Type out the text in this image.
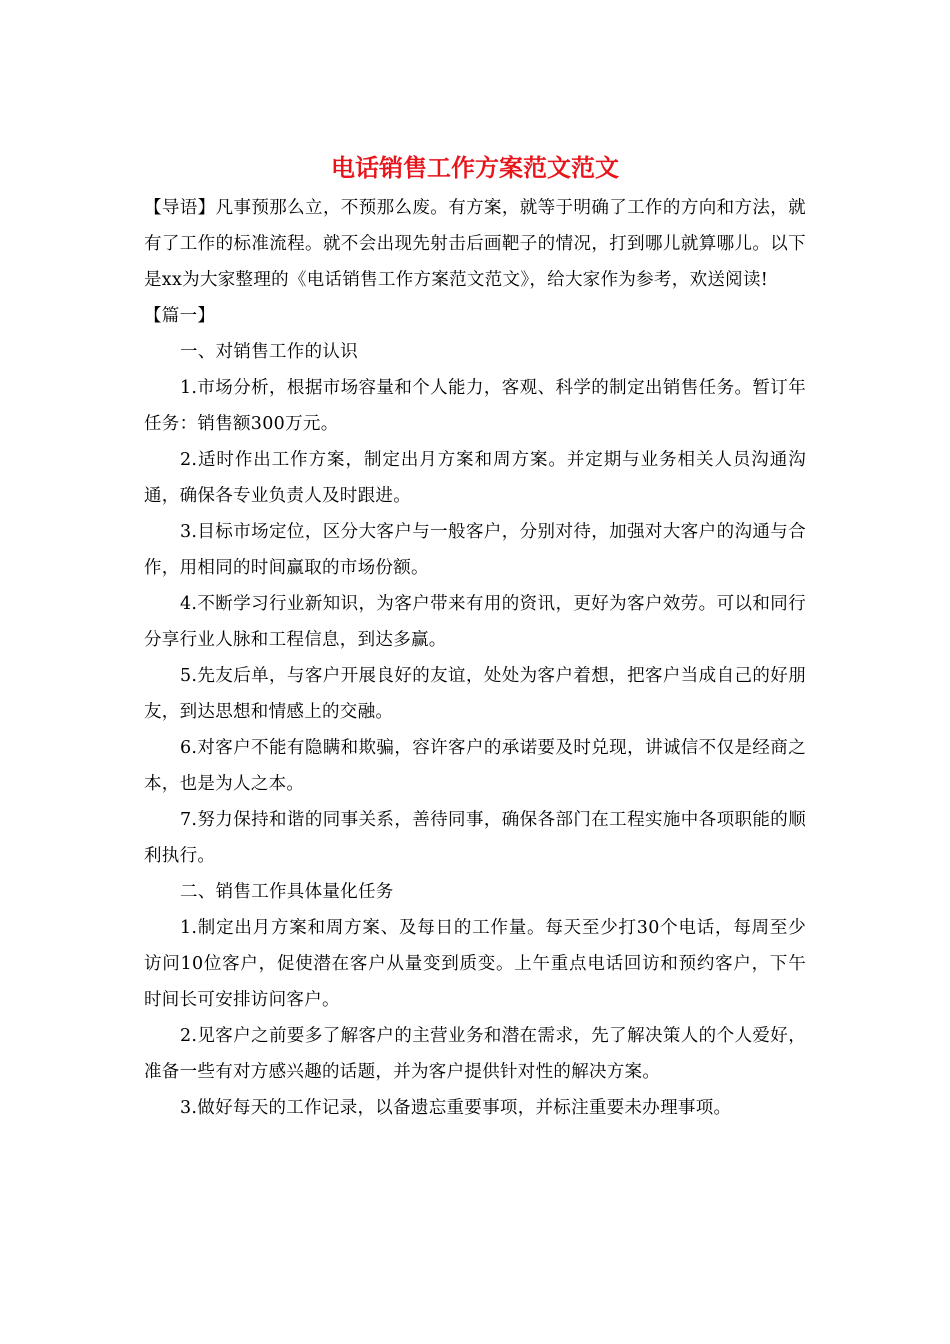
电话销售工作方案范文范文

【导语】凡事预那么立，不预那么废。有方案，就等于明确了工作的方向和方法，就有了工作的标准流程。就不会出现先射击后画靶子的情况，打到哪儿就算哪儿。以下是xx为大家整理的《电话销售工作方案范文范文》，给大家作为参考，欢送阅读!

【篇一】

一、对销售工作的认识

1.市场分析，根据市场容量和个人能力，客观、科学的制定出销售任务。暂订年任务：销售额300万元。

2.适时作出工作方案，制定出月方案和周方案。并定期与业务相关人员沟通沟通，确保各专业负责人及时跟进。

3.目标市场定位，区分大客户与一般客户，分别对待，加强对大客户的沟通与合作，用相同的时间赢取的市场份额。

4.不断学习行业新知识，为客户带来有用的资讯，更好为客户效劳。可以和同行分享行业人脉和工程信息，到达多赢。

5.先友后单，与客户开展良好的友谊，处处为客户着想，把客户当成自己的好朋友，到达思想和情感上的交融。

6.对客户不能有隐瞒和欺骗，容许客户的承诺要及时兑现，讲诚信不仅是经商之本，也是为人之本。

7.努力保持和谐的同事关系，善待同事，确保各部门在工程实施中各项职能的顺利执行。

二、销售工作具体量化任务

1.制定出月方案和周方案、及每日的工作量。每天至少打30个电话，每周至少访问10位客户，促使潜在客户从量变到质变。上午重点电话回访和预约客户，下午时间长可安排访问客户。

2.见客户之前要多了解客户的主营业务和潜在需求，先了解决策人的个人爱好，准备一些有对方感兴趣的话题，并为客户提供针对性的解决方案。

3.做好每天的工作记录，以备遗忘重要事项，并标注重要未办理事项。
